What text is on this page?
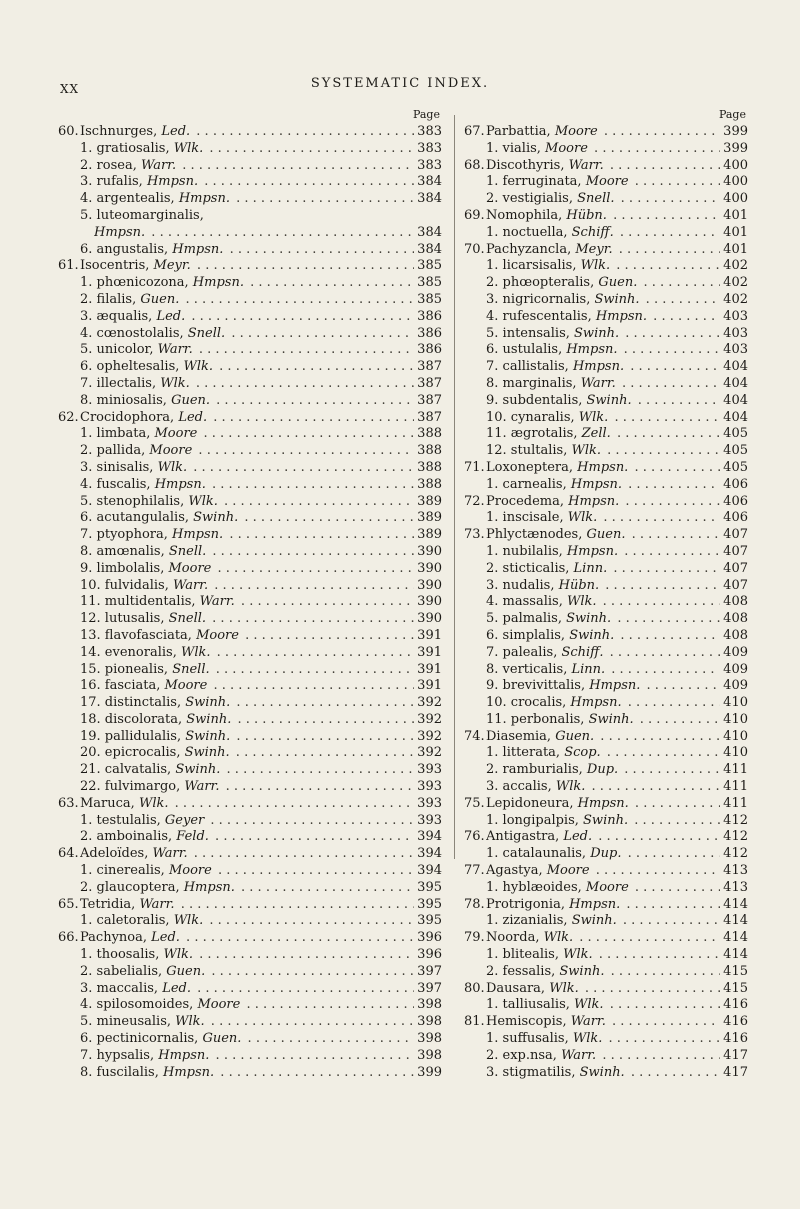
XX	SYSTEMATIC INDEX.
Page
60. Ischnurges, Led. . . .	383
1. gratiosalis, Wlk. . . .	383
2. rosea, Warr. . . .	383
3. rufalis, Hmpsn. . . .	384
4. argentealis, Hmpsn. . . .	384
5. luteomarginalis,
Hmpsn. . . .	384
6. angustalis, Hmpsn. . . .	384
61. Isocentris, Meyr. . . .	385
1. phœnicozona, Hmpsn. . . .	385
2. filalis, Guen. . . .	385
3. æqualis, Led. . . .	386
4. cœnostolalis, Snell. . . .	386
5. unicolor, Warr. . . .	386
6. opheltesalis, Wlk. . . .	387
7. illectalis, Wlk. . . .	387
8. miniosalis, Guen. . . .	387
62. Crocidophora, Led. . . .	387
1. limbata, Moore . . .	388
2. pallida, Moore . . .	388
3. sinisalis, Wlk. . . .	388
4. fuscalis, Hmpsn. . . .	388
5. stenophilalis, Wlk. . . .	389
6. acutangulalis, Swinh. . . .	389
7. ptyophora, Hmpsn. . . .	389
8. amœnalis, Snell. . . .	390
9. limbolalis, Moore . . .	390
10. fulvidalis, Warr. . . .	390
11. multidentalis, Warr. . . .	390
12. lutusalis, Snell. . . .	390
13. flavofasciata, Moore . . .	391
14. evenoralis, Wlk. . . .	391
15. pionealis, Snell. . . .	391
16. fasciata, Moore . . .	391
17. distinctalis, Swinh. . . .	392
18. discolorata, Swinh. . . .	392
19. pallidulalis, Swinh. . . .	392
20. epicrocalis, Swinh. . . .	392
21. calvatalis, Swinh. . . .	393
22. fulvimargo, Warr. . . .	393
63. Maruca, Wlk. . . .	393
1. testulalis, Geyer . . .	393
2. amboinalis, Feld. . . .	394
64. Adeloïdes, Warr. . . .	394
1. cinerealis, Moore . . .	394
2. glaucoptera, Hmpsn. . . .	395
65. Tetridia, Warr. . . .	395
1. caletoralis, Wlk. . . .	395
66. Pachynoa, Led. . . .	396
1. thoosalis, Wlk. . . .	396
2. sabelialis, Guen. . . .	397
3. maccalis, Led. . . .	397
4. spilosomoides, Moore . . .	398
5. mineusalis, Wlk. . . .	398
6. pectinicornalis, Guen. . . .	398
7. hypsalis, Hmpsn. . . .	398
8. fuscilalis, Hmpsn. . . .	399
Page
67. Parbattia, Moore . . .	399
1. vialis, Moore . . .	399
68. Discothyris, Warr. . . .	400
1. ferruginata, Moore . . .	400
2. vestigialis, Snell. . . .	400
69. Nomophila, Hübn. . . .	401
1. noctuella, Schiff. . . .	401
70. Pachyzancla, Meyr. . . .	401
1. licarsisalis, Wlk. . . .	402
2. phœopteralis, Guen. . . .	402
3. nigricornalis, Swinh. . . .	402
4. rufescentalis, Hmpsn. . . .	403
5. intensalis, Swinh. . . .	403
6. ustulalis, Hmpsn. . . .	403
7. callistalis, Hmpsn. . . .	404
8. marginalis, Warr. . . .	404
9. subdentalis, Swinh. . . .	404
10. cynaralis, Wlk. . . .	404
11. ægrotalis, Zell. . . .	405
12. stultalis, Wlk. . . .	405
71. Loxoneptera, Hmpsn. . . .	405
1. carnealis, Hmpsn. . . .	406
72. Procedema, Hmpsn. . . .	406
1. inscisale, Wlk. . . .	406
73. Phlyctænodes, Guen. . . .	407
1. nubilalis, Hmpsn. . . .	407
2. sticticalis, Linn. . . .	407
3. nudalis, Hübn. . . .	407
4. massalis, Wlk. . . .	408
5. palmalis, Swinh. . . .	408
6. simplalis, Swinh. . . .	408
7. palealis, Schiff. . . .	409
8. verticalis, Linn. . . .	409
9. brevivittalis, Hmpsn. . . .	409
10. crocalis, Hmpsn. . . .	410
11. perbonalis, Swinh. . . .	410
74. Diasemia, Guen. . . .	410
1. litterata, Scop. . . .	410
2. ramburialis, Dup. . . .	411
3. accalis, Wlk. . . .	411
75. Lepidoneura, Hmpsn. . . .	411
1. longipalpis, Swinh. . . .	412
76. Antigastra, Led. . . .	412
1. catalaunalis, Dup. . . .	412
77. Agastya, Moore . . .	413
1. hyblæoides, Moore . . .	413
78. Protrigonia, Hmpsn. . . .	414
1. zizanialis, Swinh. . . .	414
79. Noorda, Wlk. . . .	414
1. blitealis, Wlk. . . .	414
2. fessalis, Swinh. . . .	415
80. Dausara, Wlk. . . .	415
1. talliusalis, Wlk. . . .	416
81. Hemiscopis, Warr. . . .	416
1. suffusalis, Wlk. . . .	416
2. exp.nsa, Warr. . . .	417
3. stigmatilis, Swinh. . . .	417
